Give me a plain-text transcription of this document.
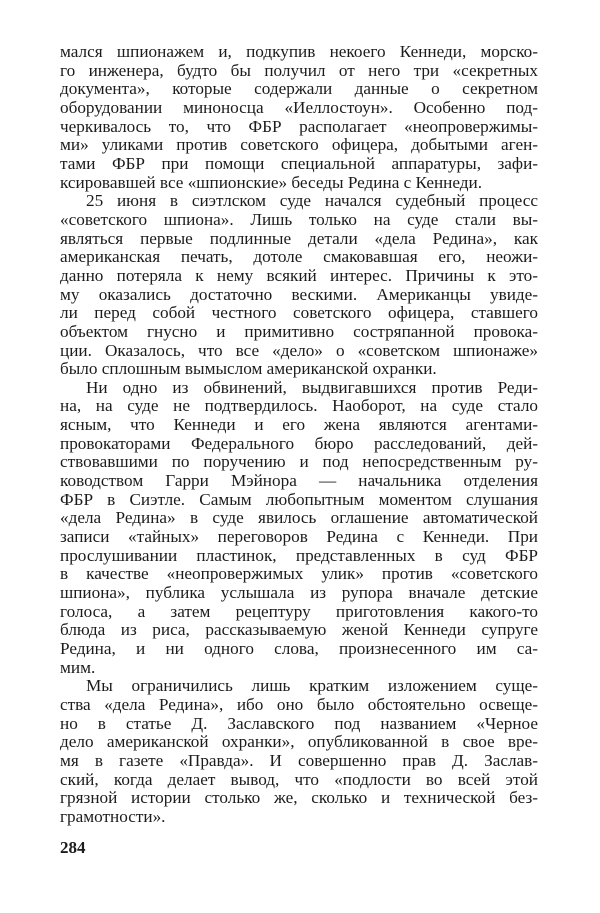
мался шпионажем и, подкупив некоего Кеннеди, морско-
го инженера, будто бы получил от него три «секретных
документа», которые содержали данные о секретном
оборудовании миноносца «Иеллостоун». Особенно под-
черкивалось то, что ФБР располагает «неопровержимы-
ми» уликами против советского офицера, добытыми аген-
тами ФБР при помощи специальной аппаратуры, зафи-
ксировавшей все «шпионские» беседы Редина с Кеннеди.
25 июня в сиэтлском суде начался судебный процесс
«советского шпиона». Лишь только на суде стали вы-
являться первые подлинные детали «дела Редина», как
американская печать, дотоле смаковавшая его, неожи-
данно потеряла к нему всякий интерес. Причины к это-
му оказались достаточно вескими. Американцы увиде-
ли перед собой честного советского офицера, ставшего
объектом гнусно и примитивно состряпанной провока-
ции. Оказалось, что все «дело» о «советском шпионаже»
было сплошным вымыслом американской охранки.
Ни одно из обвинений, выдвигавшихся против Реди-
на, на суде не подтвердилось. Наоборот, на суде стало
ясным, что Кеннеди и его жена являются агентами-
провокаторами Федерального бюро расследований, дей-
ствовавшими по поручению и под непосредственным ру-
ководством Гарри Мэйнора — начальника отделения
ФБР в Сиэтле. Самым любопытным моментом слушания
«дела Редина» в суде явилось оглашение автоматической
записи «тайных» переговоров Редина с Кеннеди. При
прослушивании пластинок, представленных в суд ФБР
в качестве «неопровержимых улик» против «советского
шпиона», публика услышала из рупора вначале детские
голоса, а затем рецептуру приготовления какого-то
блюда из риса, рассказываемую женой Кеннеди супруге
Редина, и ни одного слова, произнесенного им са-
мим.
Мы ограничились лишь кратким изложением суще-
ства «дела Редина», ибо оно было обстоятельно освеще-
но в статье Д. Заславского под названием «Черное
дело американской охранки», опубликованной в свое вре-
мя в газете «Правда». И совершенно прав Д. Заслав-
ский, когда делает вывод, что «подлости во всей этой
грязной истории столько же, сколько и технической без-
грамотности».
284
